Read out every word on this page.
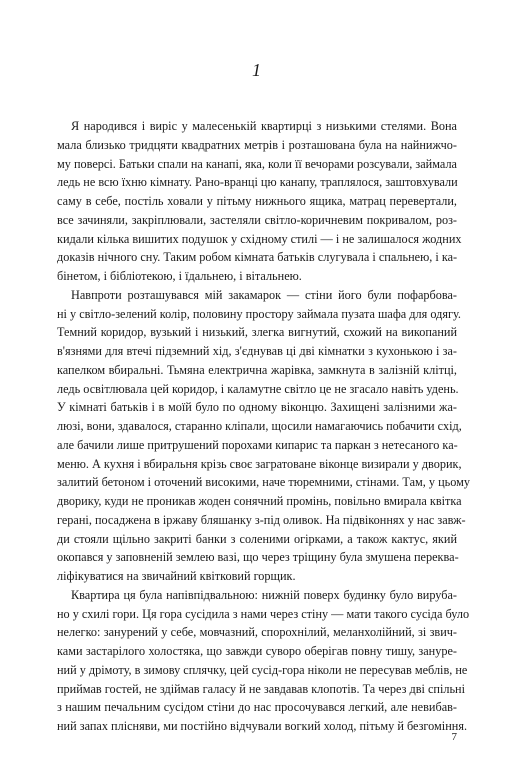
1
Я народився і виріс у малесенькій квартирці з низькими стелями. Вона
мала близько тридцяти квадратних метрів і розташована була на найнижчо-
му поверсі. Батьки спали на канапі, яка, коли її вечорами розсували, займала
ледь не всю їхню кімнату. Рано-вранці цю канапу, траплялося, заштовхували
саму в себе, постіль ховали у пітьму нижнього ящика, матрац перевертали,
все зачиняли, закріплювали, застеляли світло-коричневим покривалом, роз-
кидали кілька вишитих подушок у східному стилі — і не залишалося жодних
доказів нічного сну. Таким робом кімната батьків слугувала і спальнею, і ка-
бінетом, і бібліотекою, і їдальнею, і вітальнею.
Навпроти розташувався мій закамарок — стіни його були пофарбова-
ні у світло-зелений колір, половину простору займала пузата шафа для одягу.
Темний коридор, вузький і низький, злегка вигнутий, схожий на викопаний
в'язнями для втечі підземний хід, з'єднував ці дві кімнатки з кухонькою і за-
капелком вбиральні. Тьмяна електрична жарівка, замкнута в залізній клітці,
ледь освітлювала цей коридор, і каламутне світло це не згасало навіть удень.
У кімнаті батьків і в моїй було по одному віконцю. Захищені залізними жа-
люзі, вони, здавалося, старанно кліпали, щосили намагаючись побачити схід,
але бачили лише притрушений порохами кипарис та паркан з нетесаного ка-
меню. А кухня і вбиральня крізь своє загратоване віконце визирали у дворик,
залитий бетоном і оточений високими, наче тюремними, стінами. Там, у цьому
дворику, куди не проникав жоден сонячний промінь, повільно вмирала квітка
герані, посаджена в іржаву бляшанку з-під оливок. На підвіконнях у нас завж-
ди стояли щільно закриті банки з соленими огірками, а також кактус, який
окопався у заповненій землею вазі, що через тріщину була змушена переква-
ліфікуватися на звичайний квітковий горщик.
Квартира ця була напівпідвальною: нижній поверх будинку було вирубa-
но у схилі гори. Ця гора сусідила з нами через стіну — мати такого сусіда було
нелегко: занурений у себе, мовчазний, спорохнілий, меланхолійний, зі звич-
ками застарілого холостяка, що завжди суворо оберігав повну тишу, зануре-
ний у дрімоту, в зимову сплячку, цей сусід-гора ніколи не пересував меблів, не
приймав гостей, не здіймав галасу й не завдавав клопотів. Та через дві спільні
з нашим печальним сусідом стіни до нас просочувався легкий, але невибав-
ний запах плісняви, ми постійно відчували вогкий холод, пітьму й безгоміння.
7
